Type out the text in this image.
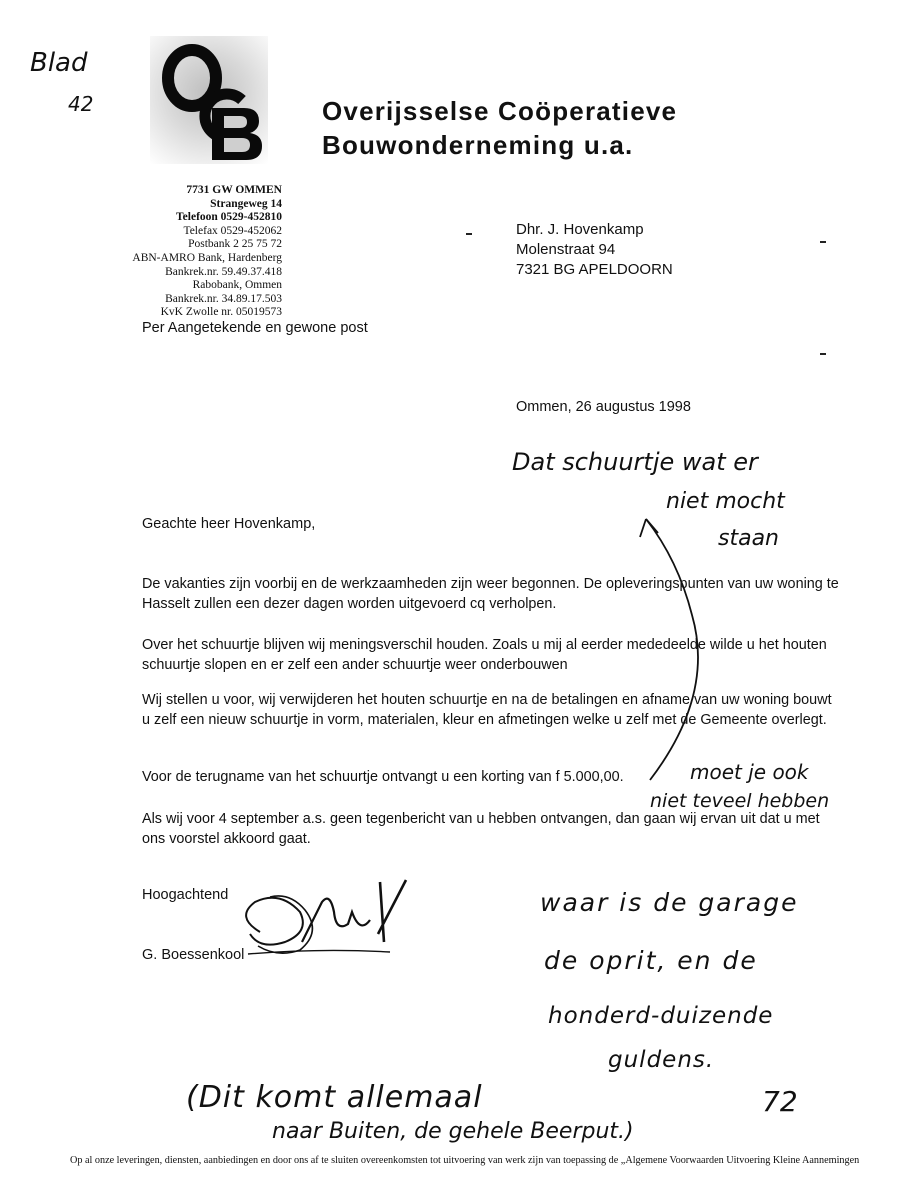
Blad
42	Overijsselse Coöperatieve
Bouwonderneming u.a.
7731 GW OMMEN
Strangeweg 14
Telefoon 0529-452810
Telefax 0529-452062
Postbank 2 25 75 72
ABN-AMRO Bank, Hardenberg
Bankrek.nr. 59.49.37.418
Rabobank, Ommen
Bankrek.nr. 34.89.17.503
KvK Zwolle nr. 05019573
Per Aangetekende en gewone post
Dhr. J. Hovenkamp
Molenstraat 94
7321 BG APELDOORN
Ommen, 26 augustus 1998
Dat schuurtje wat er
niet mocht
staan
Geachte heer Hovenkamp,
De vakanties zijn voorbij en de werkzaamheden zijn weer begonnen. De opleveringspunten van uw woning te Hasselt zullen een dezer dagen worden uitgevoerd cq verholpen.
Over het schuurtje blijven wij meningsverschil houden. Zoals u mij al eerder mededeelde wilde u het houten schuurtje slopen en er zelf een ander schuurtje weer onderbouwen
Wij stellen u voor, wij verwijderen het houten schuurtje en na de betalingen en afname van uw woning bouwt u zelf een nieuw schuurtje in vorm, materialen, kleur en afmetingen welke u zelf met de Gemeente overlegt.
Voor de terugname van het schuurtje ontvangt u een korting van f 5.000,00.
Als wij voor 4 september a.s. geen tegenbericht van u hebben ontvangen, dan gaan wij ervan uit dat u met ons voorstel akkoord gaat.
moet je ook
niet teveel hebben
Hoogachtend
G. Boessenkool
waar is de garage
de oprit, en de
honderd-duizende
guldens.
(Dit komt allemaal
naar Buiten, de gehele Beerput.)
72
Op al onze leveringen, diensten, aanbiedingen en door ons af te sluiten overeenkomsten tot uitvoering van werk zijn van toepassing de „Algemene Voorwaarden Uitvoering Kleine Aannemingen
